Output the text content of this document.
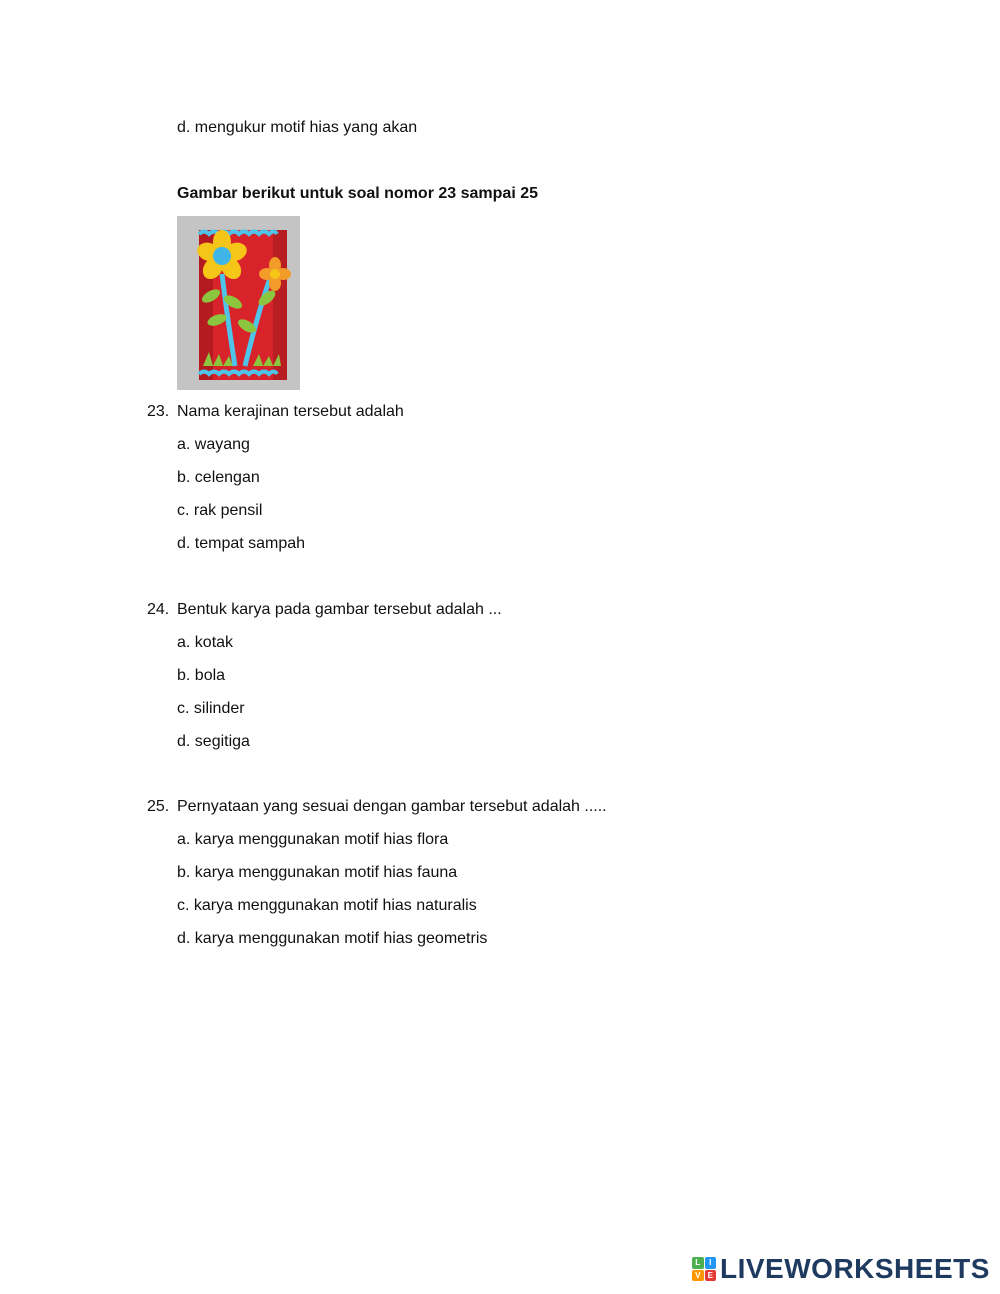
d. mengukur motif hias yang akan
Gambar berikut untuk soal nomor 23 sampai 25
23. Nama kerajinan tersebut adalah
a. wayang
b. celengan
c. rak pensil
d. tempat sampah
24. Bentuk karya pada gambar tersebut adalah ...
a. kotak
b. bola
c. silinder
d. segitiga
25. Pernyataan yang sesuai dengan gambar tersebut adalah .....
a. karya menggunakan motif hias flora
b. karya menggunakan motif hias fauna
c. karya menggunakan motif hias naturalis
d. karya menggunakan motif hias geometris
L	I
V E LIVEWORKSHEETS
